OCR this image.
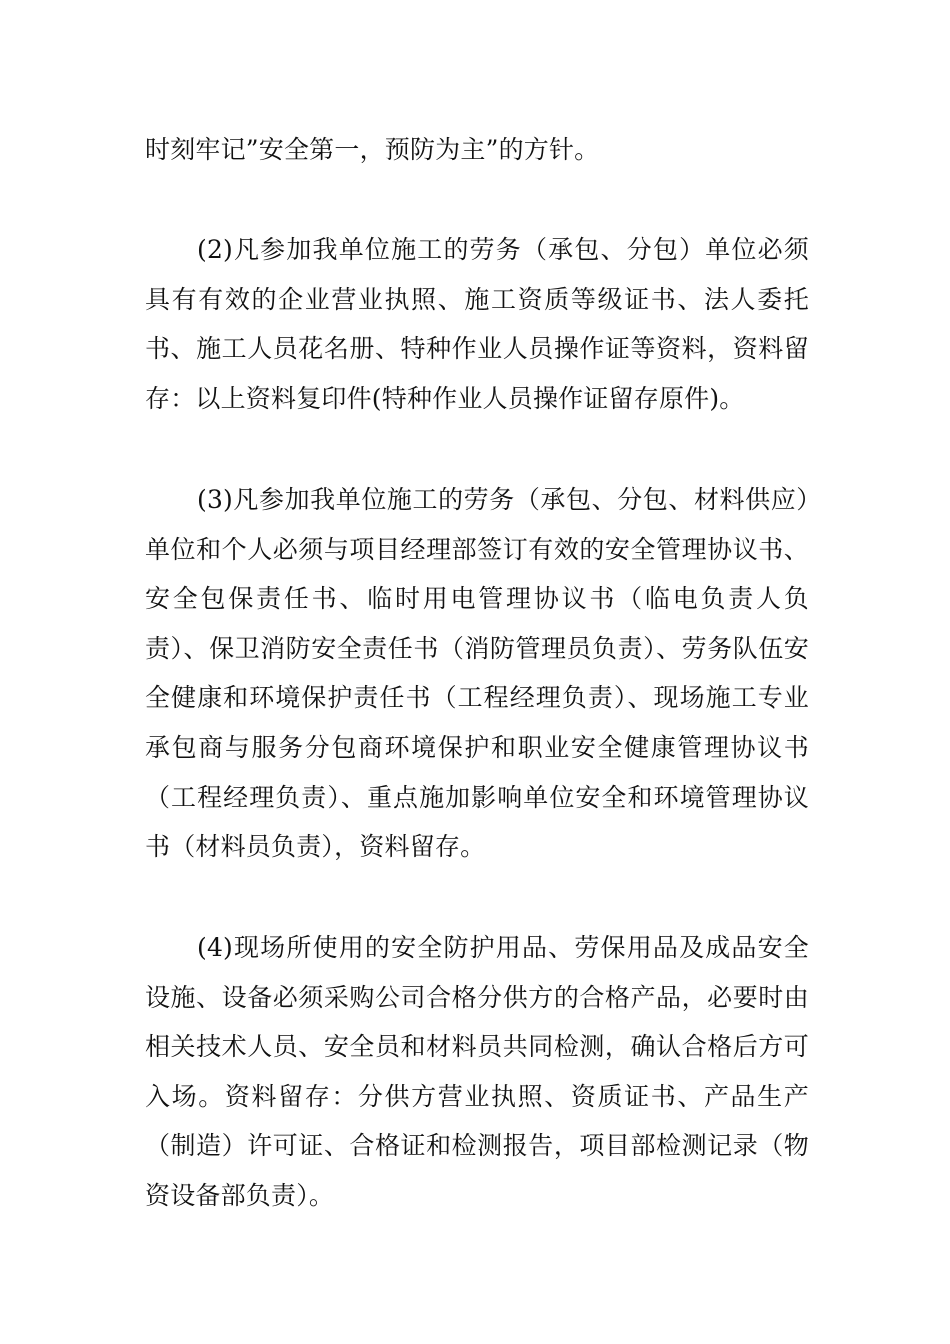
时刻牢记”安全第一，预防为主”的方针。

(2)凡参加我单位施工的劳务（承包、分包）单位必须具有有效的企业营业执照、施工资质等级证书、法人委托书、施工人员花名册、特种作业人员操作证等资料，资料留存：以上资料复印件(特种作业人员操作证留存原件)。

(3)凡参加我单位施工的劳务（承包、分包、材料供应）单位和个人必须与项目经理部签订有效的安全管理协议书、安全包保责任书、临时用电管理协议书（临电负责人负责）、保卫消防安全责任书（消防管理员负责）、劳务队伍安全健康和环境保护责任书（工程经理负责）、现场施工专业承包商与服务分包商环境保护和职业安全健康管理协议书（工程经理负责）、重点施加影响单位安全和环境管理协议书（材料员负责），资料留存。

(4)现场所使用的安全防护用品、劳保用品及成品安全设施、设备必须采购公司合格分供方的合格产品，必要时由相关技术人员、安全员和材料员共同检测，确认合格后方可入场。资料留存：分供方营业执照、资质证书、产品生产（制造）许可证、合格证和检测报告，项目部检测记录（物资设备部负责）。
